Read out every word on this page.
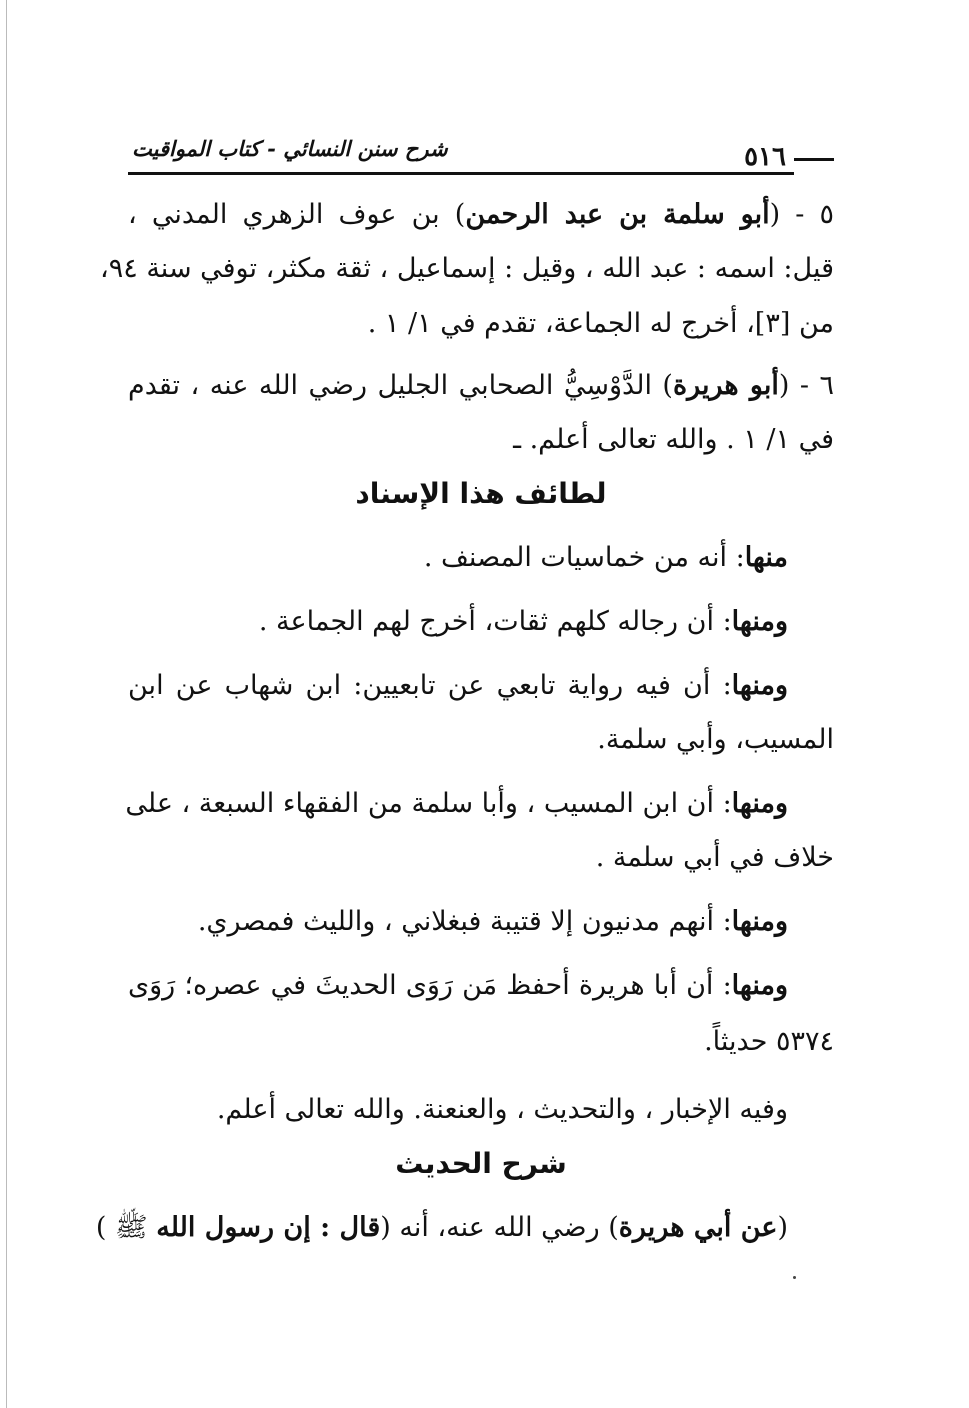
٥١٦
شرح سنن النسائي - كتاب المواقيت
٥ - (أبو سلمة بن عبد الرحمن) بن عوف الزهري المدني ،
قيل: اسمه : عبد الله ، وقيل : إسماعيل ، ثقة مكثر، توفي سنة ٩٤،
من [٣]، أخرج له الجماعة، تقدم في ١/ ١ .
٦ - (أبو هريرة) الدَّوْسِيُّ الصحابي الجليل رضي الله عنه ، تقدم
في ١/ ١ . والله تعالى أعلم. ـ
لطائف هذا الإسناد
منها: أنه من خماسيات المصنف .
ومنها: أن رجاله كلهم ثقات، أخرج لهم الجماعة .
ومنها: أن فيه رواية تابعي عن تابعيين: ابن شهاب عن ابن
المسيب، وأبي سلمة.
ومنها: أن ابن المسيب ، وأبا سلمة من الفقهاء السبعة ، على
خلاف في أبي سلمة .
ومنها: أنهم مدنيون إلا قتيبة فبغلاني ، والليث فمصري.
ومنها: أن أبا هريرة أحفظ مَن رَوَى الحديثَ في عصره؛ رَوَى
٥٣٧٤ حديثاً.
وفيه الإخبار ، والتحديث ، والعنعنة. والله تعالى أعلم.
شرح الحديث
(عن أبي هريرة) رضي الله عنه، أنه (قال : إن رسول الله ﷺ )
